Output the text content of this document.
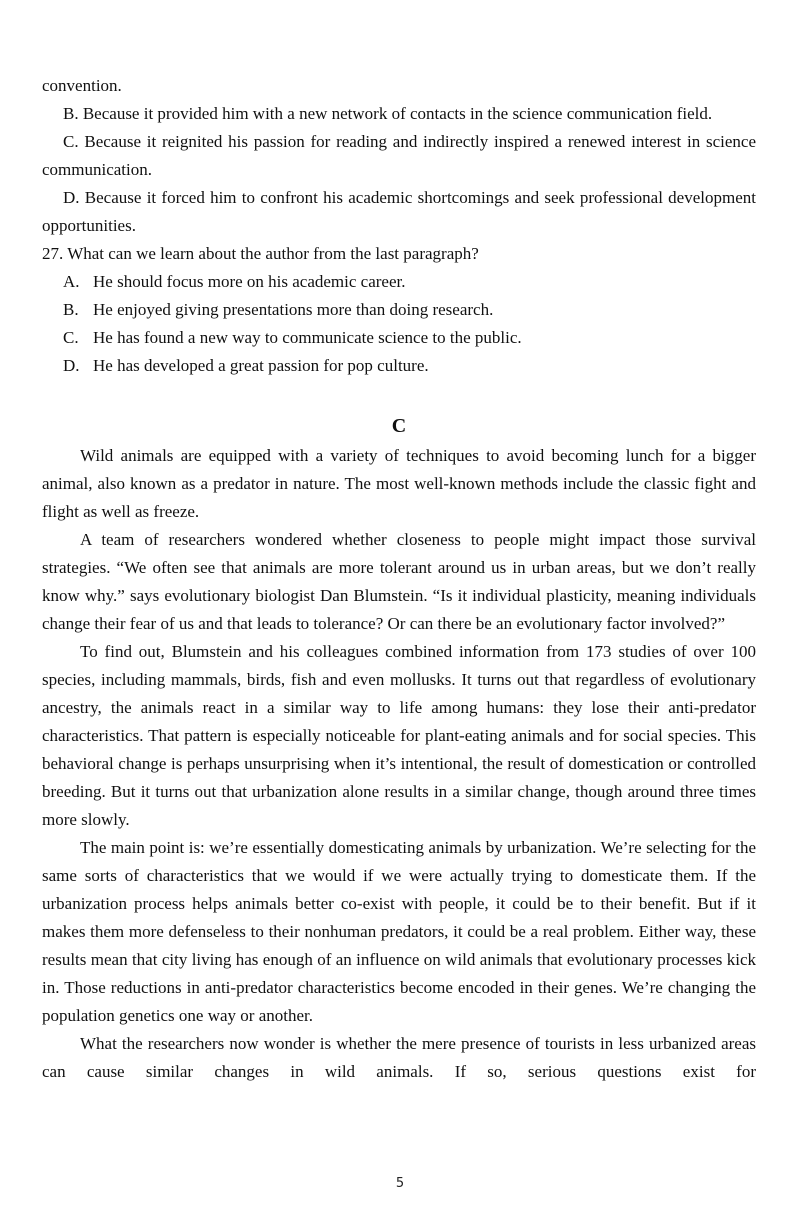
convention.

B. Because it provided him with a new network of contacts in the science communication field.

C. Because it reignited his passion for reading and indirectly inspired a renewed interest in science communication.

D. Because it forced him to confront his academic shortcomings and seek professional development opportunities.

27. What can we learn about the author from the last paragraph?

A. He should focus more on his academic career.
B. He enjoyed giving presentations more than doing research.
C. He has found a new way to communicate science to the public.
D. He has developed a great passion for pop culture.
C

Wild animals are equipped with a variety of techniques to avoid becoming lunch for a bigger animal, also known as a predator in nature. The most well-known methods include the classic fight and flight as well as freeze.

A team of researchers wondered whether closeness to people might impact those survival strategies. “We often see that animals are more tolerant around us in urban areas, but we don’t really know why.” says evolutionary biologist Dan Blumstein. “Is it individual plasticity, meaning individuals change their fear of us and that leads to tolerance? Or can there be an evolutionary factor involved?”

To find out, Blumstein and his colleagues combined information from 173 studies of over 100 species, including mammals, birds, fish and even mollusks. It turns out that regardless of evolutionary ancestry, the animals react in a similar way to life among humans: they lose their anti-predator characteristics. That pattern is especially noticeable for plant-eating animals and for social species. This behavioral change is perhaps unsurprising when it’s intentional, the result of domestication or controlled breeding. But it turns out that urbanization alone results in a similar change, though around three times more slowly.

The main point is: we’re essentially domesticating animals by urbanization. We’re selecting for the same sorts of characteristics that we would if we were actually trying to domesticate them. If the urbanization process helps animals better co-exist with people, it could be to their benefit. But if it makes them more defenseless to their nonhuman predators, it could be a real problem. Either way, these results mean that city living has enough of an influence on wild animals that evolutionary processes kick in. Those reductions in anti-predator characteristics become encoded in their genes. We’re changing the population genetics one way or another.

What the researchers now wonder is whether the mere presence of tourists in less urbanized areas can cause similar changes in wild animals. If so, serious questions exist for

5
